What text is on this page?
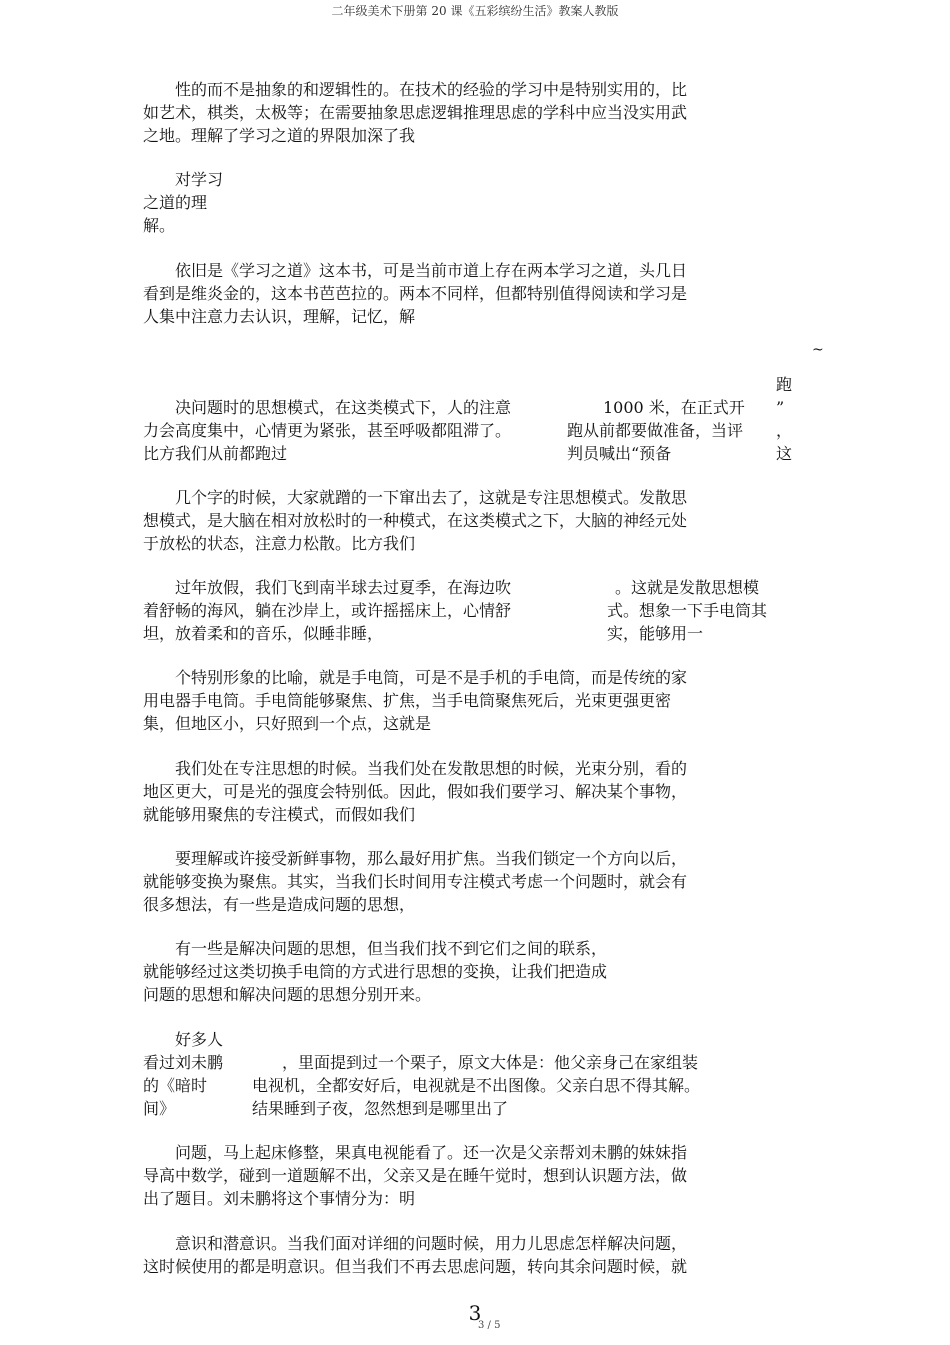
二年级美术下册第 20 课《五彩缤纷生活》教案人教版
　　性的而不是抽象的和逻辑性的。在技术的经验的学习中是特别实用的，比
如艺术，棋类，太极等；在需要抽象思虑逻辑推理思虑的学科中应当没实用武
之地。理解了学习之道的界限加深了我
　　对学习
之道的理
解。
　　依旧是《学习之道》这本书，可是当前市道上存在两本学习之道，头几日
看到是维炎金的，这本书芭芭拉的。两本不同样，但都特别值得阅读和学习是
人集中注意力去认识，理解，记忆，解
~
　　决问题时的思想模式，在这类模式下，人的注意
力会高度集中，心情更为紧张，甚至呼吸都阻滞了。
比方我们从前都跑过
1000 米，在正式开
跑从前都要做准备，当评
判员喊出“预备
跑
”
，
这
　　几个字的时候，大家就蹭的一下窜出去了，这就是专注思想模式。发散思
想模式，是大脑在相对放松时的一种模式，在这类模式之下，大脑的神经元处
于放松的状态，注意力松散。比方我们
　　过年放假，我们飞到南半球去过夏季，在海边吹
着舒畅的海风，躺在沙岸上，或许摇摇床上，心情舒
坦，放着柔和的音乐，似睡非睡，
。这就是发散思想模
式。想象一下手电筒其
实，能够用一
　　个特别形象的比喻，就是手电筒，可是不是手机的手电筒，而是传统的家
用电器手电筒。手电筒能够聚焦、扩焦，当手电筒聚焦死后，光束更强更密
集，但地区小，只好照到一个点，这就是
　　我们处在专注思想的时候。当我们处在发散思想的时候，光束分别，看的
地区更大，可是光的强度会特别低。因此，假如我们要学习、解决某个事物，
就能够用聚焦的专注模式，而假如我们
　　要理解或许接受新鲜事物，那么最好用扩焦。当我们锁定一个方向以后，
就能够变换为聚焦。其实，当我们长时间用专注模式考虑一个问题时，就会有
很多想法，有一些是造成问题的思想，
　　有一些是解决问题的思想，但当我们找不到它们之间的联系，
就能够经过这类切换手电筒的方式进行思想的变换，让我们把造成
问题的思想和解决问题的思想分别开来。
　　好多人
看过刘未鹏
的《暗时
间》
，里面提到过一个栗子，原文大体是：他父亲身己在家组装
电视机，全都安好后，电视就是不出图像。父亲白思不得其解。
结果睡到子夜，忽然想到是哪里出了
　　问题，马上起床修整，果真电视能看了。还一次是父亲帮刘未鹏的妹妹指
导高中数学，碰到一道题解不出，父亲又是在睡午觉时，想到认识题方法，做
出了题目。刘未鹏将这个事情分为：明
　　意识和潜意识。当我们面对详细的问题时候，用力儿思虑怎样解决问题，
这时候使用的都是明意识。但当我们不再去思虑问题，转向其余问题时候，就
3
3 / 5
